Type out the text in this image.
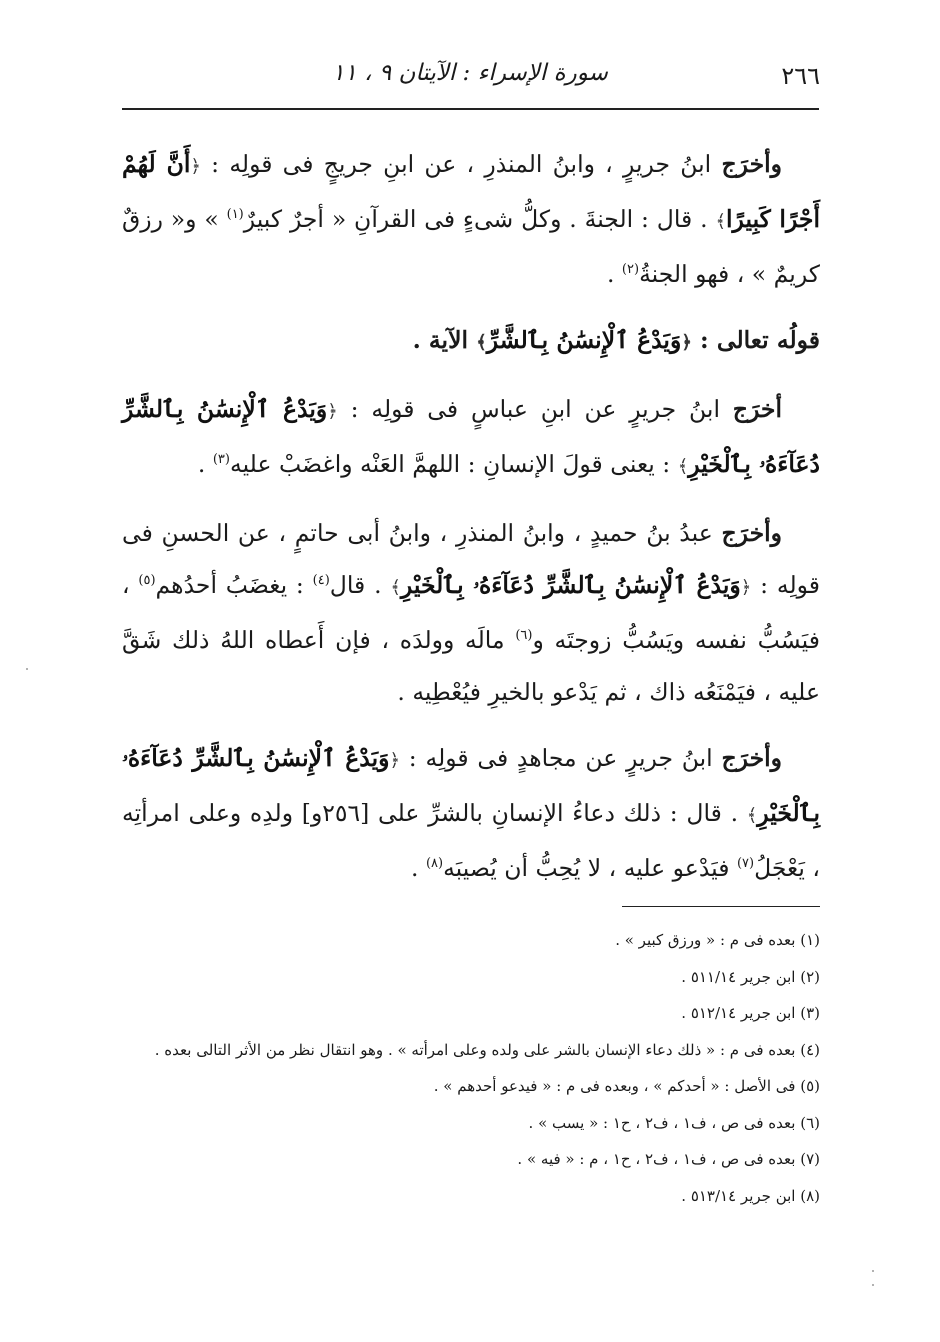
٢٦٦
سورة الإسراء : الآيتان ٩ ، ١١

وأخرَج ابنُ جريرٍ ، وابنُ المنذرِ ، عن ابنِ جريجٍ فى قولِه : ﴿أَنَّ لَهُمْ أَجْرًا كَبِيرًا﴾ . قال : الجنةَ . وكلُّ شىءٍ فى القرآنِ « أجرٌ كبيرٌ$^{(١)}$ » و« رزقٌ كريمٌ » ، فهو الجنةُ$^{(٢)}$ .

قولُه تعالى : ﴿وَيَدْعُ ٱلْإِنسَٰنُ بِٱلشَّرِّ﴾ الآية .

أخرَج ابنُ جريرٍ عن ابنِ عباسٍ فى قولِه : ﴿وَيَدْعُ ٱلْإِنسَٰنُ بِٱلشَّرِّ دُعَآءَهُۥ بِٱلْخَيْرِ﴾ : يعنى قولَ الإنسانِ : اللهمَّ العَنْه واغضَبْ عليه$^{(٣)}$ .

وأخرَج عبدُ بنُ حميدٍ ، وابنُ المنذرِ ، وابنُ أبى حاتمٍ ، عن الحسنِ فى قولِه : ﴿وَيَدْعُ ٱلْإِنسَٰنُ بِٱلشَّرِّ دُعَآءَهُۥ بِٱلْخَيْرِ﴾ . قال$^{(٤)}$ : يغضَبُ أحدُهم$^{(٥)}$ ، فيَسُبُّ نفسه ويَسُبُّ زوجتَه و$^{(٦)}$ مالَه وولدَه ، فإن أَعطاه اللهُ ذلك شَقَّ عليه ، فيَمْنَعُه ذاك ، ثم يَدْعو بالخيرِ فيُعْطِيه .

وأخرَج ابنُ جريرٍ عن مجاهدٍ فى قولِه : ﴿وَيَدْعُ ٱلْإِنسَٰنُ بِٱلشَّرِّ دُعَآءَهُۥ بِٱلْخَيْرِ﴾ . قال : ذلك دعاءُ الإنسانِ بالشرِّ على [٢٥٦و] ولدِه وعلى امرأتِه ، يَعْجَلُ$^{(٧)}$ فيَدْعو عليه ، لا يُحِبُّ أن يُصيبَه$^{(٨)}$ .

(١) بعده فى م : « ورزق كبير » .
(٢) ابن جرير ٥١١/١٤ .
(٣) ابن جرير ٥١٢/١٤ .
(٤) بعده فى م : « ذلك دعاء الإنسان بالشر على ولده وعلى امرأته » . وهو انتقال نظر من الأثر التالى بعده .
(٥) فى الأصل : « أحدكم » ، وبعده فى م : « فيدعو أحدهم » .
(٦) بعده فى ص ، ف١ ، ف٢ ، ح١ : « يسب » .
(٧) بعده فى ص ، ف١ ، ف٢ ، ح١ ، م : « فيه » .
(٨) ابن جرير ٥١٣/١٤ .
